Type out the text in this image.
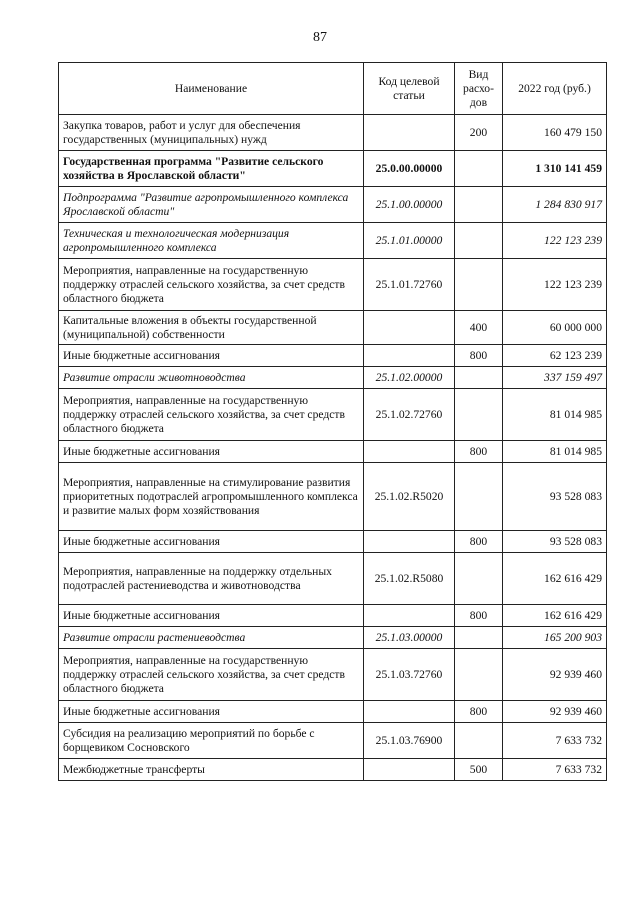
87
Наименование	Код целевой статьи	Вид расхо-дов	2022 год (руб.)
Закупка товаров, работ и услуг для обеспечения государственных (муниципальных) нужд		200	160 479 150
Государственная программа "Развитие сельского хозяйства в Ярославской области"	25.0.00.00000		1 310 141 459
Подпрограмма "Развитие агропромышленного комплекса Ярославской области"	25.1.00.00000		1 284 830 917
Техническая и технологическая модернизация агропромышленного комплекса	25.1.01.00000		122 123 239
Мероприятия, направленные на государственную поддержку отраслей сельского хозяйства, за счет средств областного бюджета	25.1.01.72760		122 123 239
Капитальные вложения в объекты государственной (муниципальной) собственности		400	60 000 000
Иные бюджетные ассигнования		800	62 123 239
Развитие отрасли животноводства	25.1.02.00000		337 159 497
Мероприятия, направленные на государственную поддержку отраслей сельского хозяйства, за счет средств областного бюджета	25.1.02.72760		81 014 985
Иные бюджетные ассигнования		800	81 014 985
Мероприятия, направленные на стимулирование развития приоритетных подотраслей агропромышленного комплекса и развитие малых форм хозяйствования	25.1.02.R5020		93 528 083
Иные бюджетные ассигнования		800	93 528 083
Мероприятия, направленные на поддержку отдельных подотраслей растениеводства и животноводства	25.1.02.R5080		162 616 429
Иные бюджетные ассигнования		800	162 616 429
Развитие отрасли растениеводства	25.1.03.00000		165 200 903
Мероприятия, направленные на государственную поддержку отраслей сельского хозяйства, за счет средств областного бюджета	25.1.03.72760		92 939 460
Иные бюджетные ассигнования		800	92 939 460
Субсидия на реализацию мероприятий по борьбе с борщевиком Сосновского	25.1.03.76900		7 633 732
Межбюджетные трансферты		500	7 633 732
